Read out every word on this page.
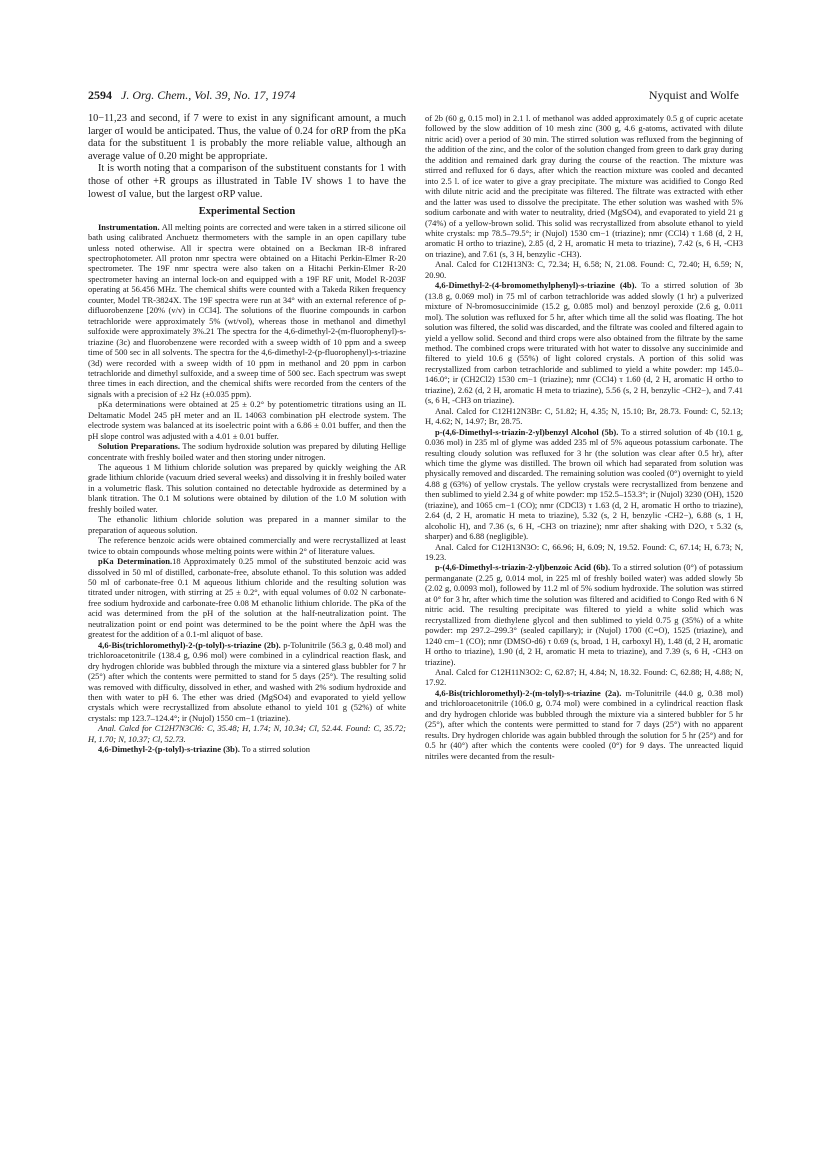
2594 J. Org. Chem., Vol. 39, No. 17, 1974	Nyquist and Wolfe

10−11,23 and second, if 7 were to exist in any significant amount, a much larger σI would be anticipated. Thus, the value of 0.24 for σRP from the pKa data for the substituent 1 is probably the more reliable value, although an average value of 0.20 might be appropriate.

It is worth noting that a comparison of the substituent constants for 1 with those of other +R groups as illustrated in Table IV shows 1 to have the lowest σI value, but the largest σRP value.

Experimental Section

Instrumentation. All melting points are corrected and were taken in a stirred silicone oil bath using calibrated Anchuetz thermometers with the sample in an open capillary tube unless noted otherwise. All ir spectra were obtained on a Beckman IR-8 infrared spectrophotometer. All proton nmr spectra were obtained on a Hitachi Perkin-Elmer R-20 spectrometer. The 19F nmr spectra were also taken on a Hitachi Perkin-Elmer R-20 spectrometer having an internal lock-on and equipped with a 19F RF unit, Model R-203F operating at 56.456 MHz. The chemical shifts were counted with a Takeda Riken frequency counter, Model TR-3824X. The 19F spectra were run at 34° with an external reference of p-difluorobenzene [20% (v/v) in CCl4]. The solutions of the fluorine compounds in carbon tetrachloride were approximately 5% (wt/vol), whereas those in methanol and dimethyl sulfoxide were approximately 3%.21 The spectra for the 4,6-dimethyl-2-(m-fluorophenyl)-s-triazine (3c) and fluorobenzene were recorded with a sweep width of 10 ppm and a sweep time of 500 sec in all solvents. The spectra for the 4,6-dimethyl-2-(p-fluorophenyl)-s-triazine (3d) were recorded with a sweep width of 10 ppm in methanol and 20 ppm in carbon tetrachloride and dimethyl sulfoxide, and a sweep time of 500 sec. Each spectrum was swept three times in each direction, and the chemical shifts were recorded from the centers of the signals with a precision of ±2 Hz (±0.035 ppm).

pKa determinations were obtained at 25 ± 0.2° by potentiometric titrations using an IL Deltamatic Model 245 pH meter and an IL 14063 combination pH electrode system. The electrode system was balanced at its isoelectric point with a 6.86 ± 0.01 buffer, and then the pH slope control was adjusted with a 4.01 ± 0.01 buffer.

Solution Preparations. The sodium hydroxide solution was prepared by diluting Hellige concentrate with freshly boiled water and then storing under nitrogen.

The aqueous 1 M lithium chloride solution was prepared by quickly weighing the AR grade lithium chloride (vacuum dried several weeks) and dissolving it in freshly boiled water in a volumetric flask. This solution contained no detectable hydroxide as determined by a blank titration. The 0.1 M solutions were obtained by dilution of the 1.0 M solution with freshly boiled water.

The ethanolic lithium chloride solution was prepared in a manner similar to the preparation of aqueous solution.

The reference benzoic acids were obtained commercially and were recrystallized at least twice to obtain compounds whose melting points were within 2° of literature values.

pKa Determination.18 Approximately 0.25 mmol of the substituted benzoic acid was dissolved in 50 ml of distilled, carbonate-free, absolute ethanol. To this solution was added 50 ml of carbonate-free 0.1 M aqueous lithium chloride and the resulting solution was titrated under nitrogen, with stirring at 25 ± 0.2°, with equal volumes of 0.02 N carbonate-free sodium hydroxide and carbonate-free 0.08 M ethanolic lithium chloride. The pKa of the acid was determined from the pH of the solution at the half-neutralization point. The neutralization point or end point was determined to be the point where the ΔpH was the greatest for the addition of a 0.1-ml aliquot of base.

4,6-Bis(trichloromethyl)-2-(p-tolyl)-s-triazine (2b). p-Tolunitrile (56.3 g, 0.48 mol) and trichloroacetonitrile (138.4 g, 0.96 mol) were combined in a cylindrical reaction flask, and dry hydrogen chloride was bubbled through the mixture via a sintered glass bubbler for 7 hr (25°) after which the contents were permitted to stand for 5 days (25°). The resulting solid was removed with difficulty, dissolved in ether, and washed with 2% sodium hydroxide and then with water to pH 6. The ether was dried (MgSO4) and evaporated to yield yellow crystals which were recrystallized from absolute ethanol to yield 101 g (52%) of white crystals: mp 123.7–124.4°; ir (Nujol) 1550 cm−1 (triazine).

Anal. Calcd for C12H7N3Cl6: C, 35.48; H, 1.74; N, 10.34; Cl, 52.44. Found: C, 35.72; H, 1.70; N, 10.37; Cl, 52.73.

4,6-Dimethyl-2-(p-tolyl)-s-triazine (3b). To a stirred solution

of 2b (60 g, 0.15 mol) in 2.1 l. of methanol was added approximately 0.5 g of cupric acetate followed by the slow addition of 10 mesh zinc (300 g, 4.6 g-atoms, activated with dilute nitric acid) over a period of 30 min. The stirred solution was refluxed from the beginning of the addition of the zinc, and the color of the solution changed from green to dark gray during the addition and remained dark gray during the course of the reaction. The mixture was stirred and refluxed for 6 days, after which the reaction mixture was cooled and decanted into 2.5 l. of ice water to give a gray precipitate. The mixture was acidified to Congo Red with dilute nitric acid and the precipitate was filtered. The filtrate was extracted with ether and the latter was used to dissolve the precipitate. The ether solution was washed with 5% sodium carbonate and with water to neutrality, dried (MgSO4), and evaporated to yield 21 g (74%) of a yellow-brown solid. This solid was recrystallized from absolute ethanol to yield white crystals: mp 78.5–79.5°; ir (Nujol) 1530 cm−1 (triazine); nmr (CCl4) τ 1.68 (d, 2 H, aromatic H ortho to triazine), 2.85 (d, 2 H, aromatic H meta to triazine), 7.42 (s, 6 H, -CH3 on triazine), and 7.61 (s, 3 H, benzylic -CH3).

Anal. Calcd for C12H13N3: C, 72.34; H, 6.58; N, 21.08. Found: C, 72.40; H, 6.59; N, 20.90.

4,6-Dimethyl-2-(4-bromomethylphenyl)-s-triazine (4b). To a stirred solution of 3b (13.8 g, 0.069 mol) in 75 ml of carbon tetrachloride was added slowly (1 hr) a pulverized mixture of N-bromosuccinimide (15.2 g, 0.085 mol) and benzoyl peroxide (2.6 g, 0.011 mol). The solution was refluxed for 5 hr, after which time all the solid was floating. The hot solution was filtered, the solid was discarded, and the filtrate was cooled and filtered again to yield a yellow solid. Second and third crops were also obtained from the filtrate by the same method. The combined crops were triturated with hot water to dissolve any succinimide and filtered to yield 10.6 g (55%) of light colored crystals. A portion of this solid was recrystallized from carbon tetrachloride and sublimed to yield a white powder: mp 145.0–146.0°; ir (CH2Cl2) 1530 cm−1 (triazine); nmr (CCl4) τ 1.60 (d, 2 H, aromatic H ortho to triazine), 2.62 (d, 2 H, aromatic H meta to triazine), 5.56 (s, 2 H, benzylic -CH2−), and 7.41 (s, 6 H, -CH3 on triazine).

Anal. Calcd for C12H12N3Br: C, 51.82; H, 4.35; N, 15.10; Br, 28.73. Found: C, 52.13; H, 4.62; N, 14.97; Br, 28.75.

p-(4,6-Dimethyl-s-triazin-2-yl)benzyl Alcohol (5b). To a stirred solution of 4b (10.1 g, 0.036 mol) in 235 ml of glyme was added 235 ml of 5% aqueous potassium carbonate. The resulting cloudy solution was refluxed for 3 hr (the solution was clear after 0.5 hr), after which time the glyme was distilled. The brown oil which had separated from solution was physically removed and discarded. The remaining solution was cooled (0°) overnight to yield 4.88 g (63%) of yellow crystals. The yellow crystals were recrystallized from benzene and then sublimed to yield 2.34 g of white powder: mp 152.5–153.3°; ir (Nujol) 3230 (OH), 1520 (triazine), and 1065 cm−1 (CO); nmr (CDCl3) τ 1.63 (d, 2 H, aromatic H ortho to triazine), 2.64 (d, 2 H, aromatic H meta to triazine), 5.32 (s, 2 H, benzylic -CH2−), 6.88 (s, 1 H, alcoholic H), and 7.36 (s, 6 H, -CH3 on triazine); nmr after shaking with D2O, τ 5.32 (s, sharper) and 6.88 (negligible).

Anal. Calcd for C12H13N3O: C, 66.96; H, 6.09; N, 19.52. Found: C, 67.14; H, 6.73; N, 19.23.

p-(4,6-Dimethyl-s-triazin-2-yl)benzoic Acid (6b). To a stirred solution (0°) of potassium permanganate (2.25 g, 0.014 mol, in 225 ml of freshly boiled water) was added slowly 5b (2.02 g, 0.0093 mol), followed by 11.2 ml of 5% sodium hydroxide. The solution was stirred at 0° for 3 hr, after which time the solution was filtered and acidified to Congo Red with 6 N nitric acid. The resulting precipitate was filtered to yield a white solid which was recrystallized from diethylene glycol and then sublimed to yield 0.75 g (35%) of a white powder: mp 297.2–299.3° (sealed capillary); ir (Nujol) 1700 (C=O), 1525 (triazine), and 1240 cm−1 (CO); nmr (DMSO-d6) τ 0.69 (s, broad, 1 H, carboxyl H), 1.48 (d, 2 H, aromatic H ortho to triazine), 1.90 (d, 2 H, aromatic H meta to triazine), and 7.39 (s, 6 H, -CH3 on triazine).

Anal. Calcd for C12H11N3O2: C, 62.87; H, 4.84; N, 18.32. Found: C, 62.88; H, 4.88; N, 17.92.

4,6-Bis(trichloromethyl)-2-(m-tolyl)-s-triazine (2a). m-Tolunitrile (44.0 g, 0.38 mol) and trichloroacetonitrile (106.0 g, 0.74 mol) were combined in a cylindrical reaction flask and dry hydrogen chloride was bubbled through the mixture via a sintered bubbler for 5 hr (25°), after which the contents were permitted to stand for 7 days (25°) with no apparent results. Dry hydrogen chloride was again bubbled through the solution for 5 hr (25°) and for 0.5 hr (40°) after which the contents were cooled (0°) for 9 days. The unreacted liquid nitriles were decanted from the result-
